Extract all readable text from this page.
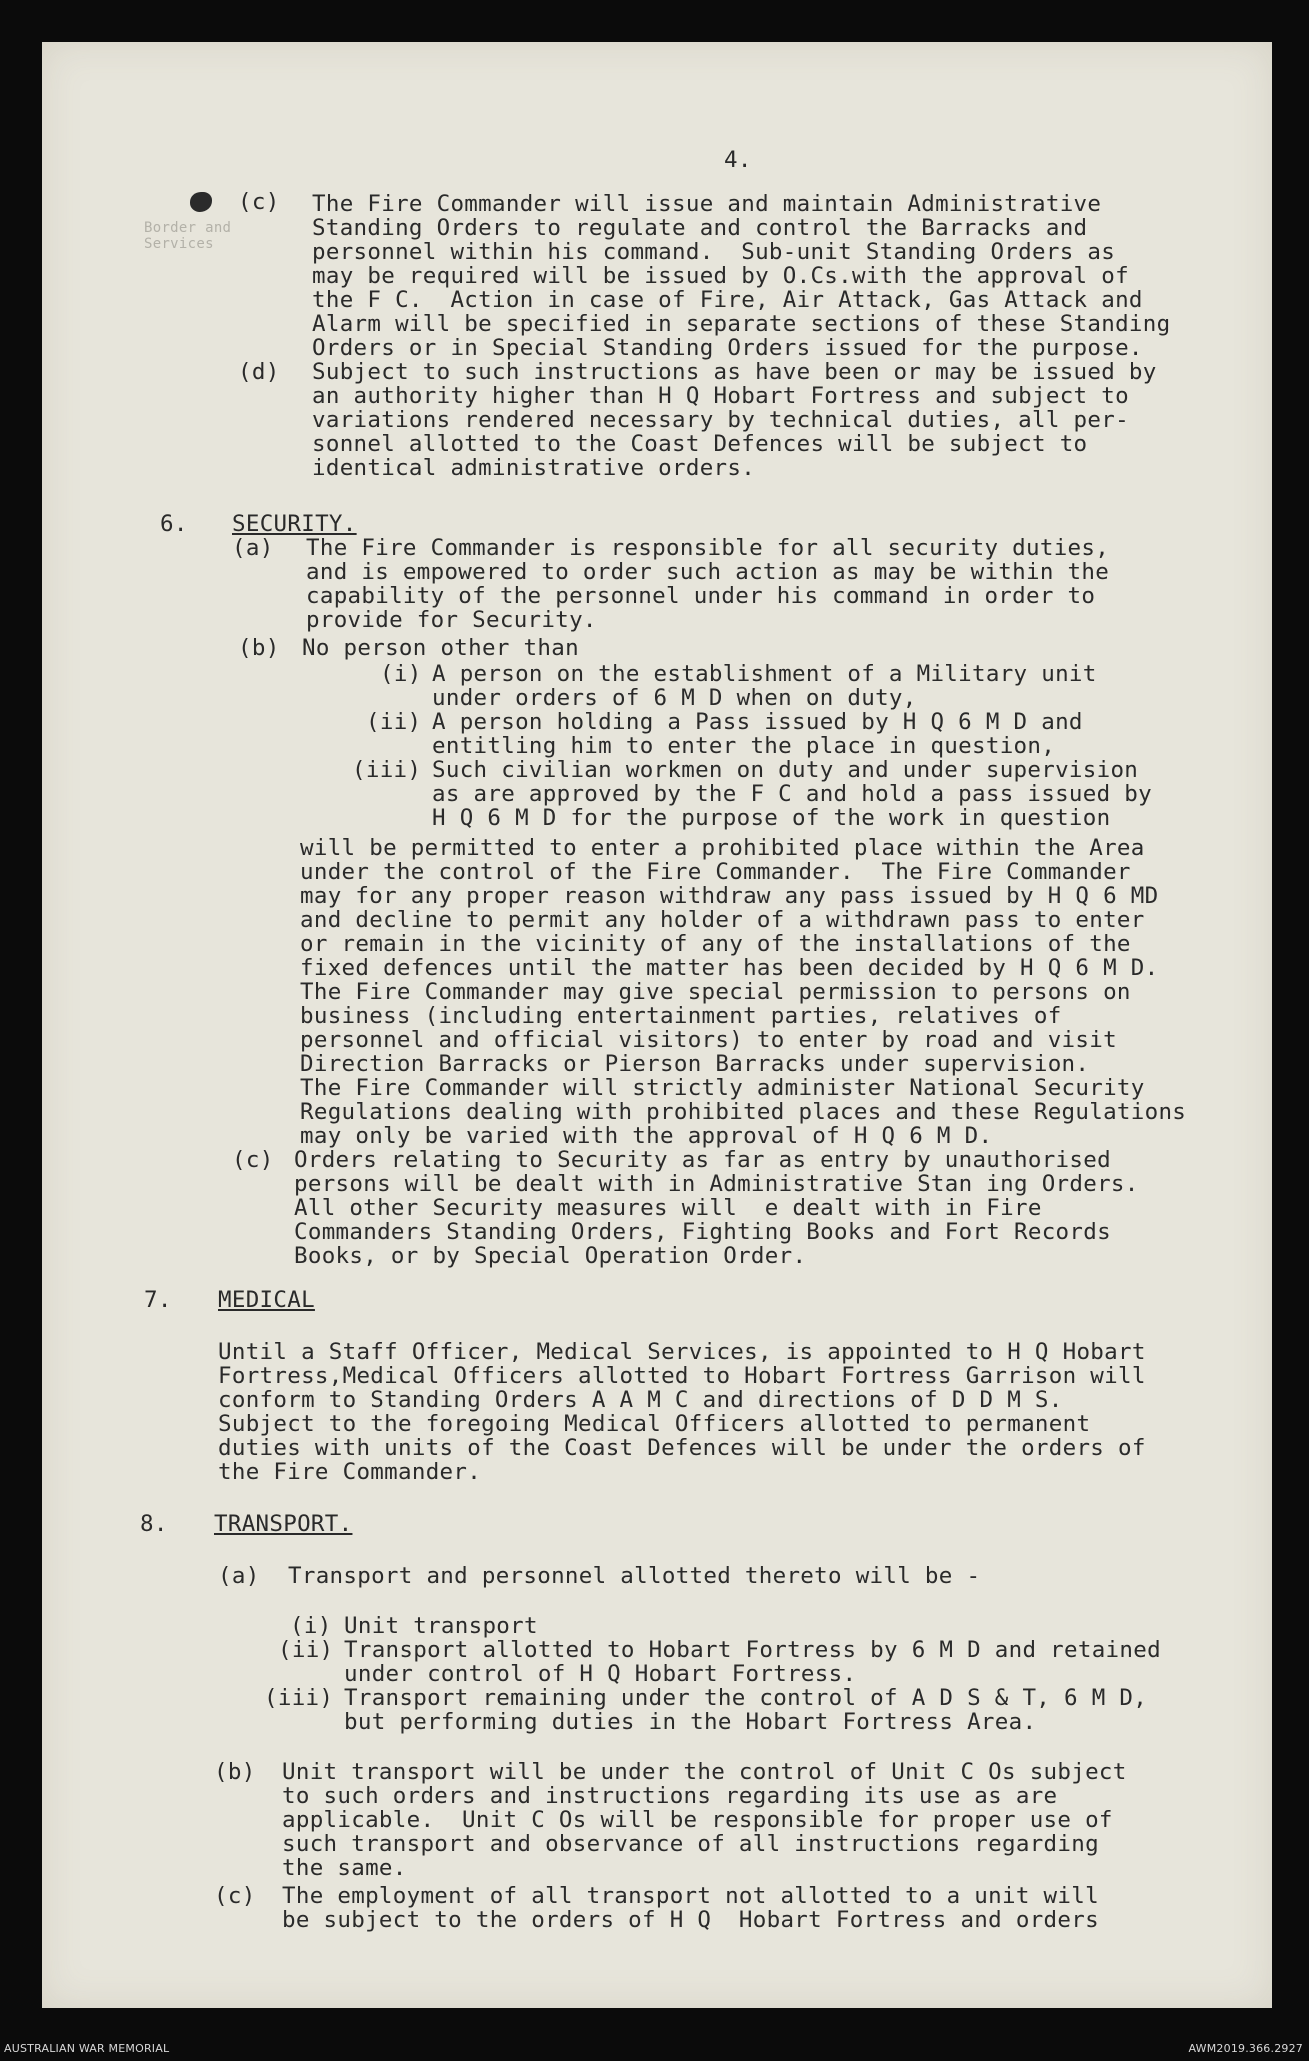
Border and
Services
4.
(c) The Fire Commander will issue and maintain Administrative
Standing Orders to regulate and control the Barracks and
personnel within his command.  Sub-unit Standing Orders as
may be required will be issued by O.Cs.with the approval of
the F C.  Action in case of Fire, Air Attack, Gas Attack and
Alarm will be specified in separate sections of these Standing
Orders or in Special Standing Orders issued for the purpose.
(d) Subject to such instructions as have been or may be issued by
an authority higher than H Q Hobart Fortress and subject to
variations rendered necessary by technical duties, all per-
sonnel allotted to the Coast Defences will be subject to
identical administrative orders.
6. SECURITY.
(a) The Fire Commander is responsible for all security duties,
and is empowered to order such action as may be within the
capability of the personnel under his command in order to
provide for Security.
(b) No person other than
(i) A person on the establishment of a Military unit
under orders of 6 M D when on duty,
(ii) A person holding a Pass issued by H Q 6 M D and
entitling him to enter the place in question,
(iii) Such civilian workmen on duty and under supervision
as are approved by the F C and hold a pass issued by
H Q 6 M D for the purpose of the work in question
will be permitted to enter a prohibited place within the Area
under the control of the Fire Commander.  The Fire Commander
may for any proper reason withdraw any pass issued by H Q 6 MD
and decline to permit any holder of a withdrawn pass to enter
or remain in the vicinity of any of the installations of the
fixed defences until the matter has been decided by H Q 6 M D.
The Fire Commander may give special permission to persons on
business (including entertainment parties, relatives of
personnel and official visitors) to enter by road and visit
Direction Barracks or Pierson Barracks under supervision.
The Fire Commander will strictly administer National Security
Regulations dealing with prohibited places and these Regulations
may only be varied with the approval of H Q 6 M D.
(c) Orders relating to Security as far as entry by unauthorised
persons will be dealt with in Administrative Stan ing Orders.
All other Security measures will  e dealt with in Fire
Commanders Standing Orders, Fighting Books and Fort Records
Books, or by Special Operation Order.
7. MEDICAL
Until a Staff Officer, Medical Services, is appointed to H Q Hobart
Fortress,Medical Officers allotted to Hobart Fortress Garrison will
conform to Standing Orders A A M C and directions of D D M S.
Subject to the foregoing Medical Officers allotted to permanent
duties with units of the Coast Defences will be under the orders of
the Fire Commander.
8. TRANSPORT.
(a) Transport and personnel allotted thereto will be -
(i) Unit transport
(ii) Transport allotted to Hobart Fortress by 6 M D and retained
under control of H Q Hobart Fortress.
(iii) Transport remaining under the control of A D S & T, 6 M D,
but performing duties in the Hobart Fortress Area.
(b) Unit transport will be under the control of Unit C Os subject
to such orders and instructions regarding its use as are
applicable.  Unit C Os will be responsible for proper use of
such transport and observance of all instructions regarding
the same.
(c) The employment of all transport not allotted to a unit will
be subject to the orders of H Q  Hobart Fortress and orders
AUSTRALIAN WAR MEMORIAL	AWM2019.366.2927
